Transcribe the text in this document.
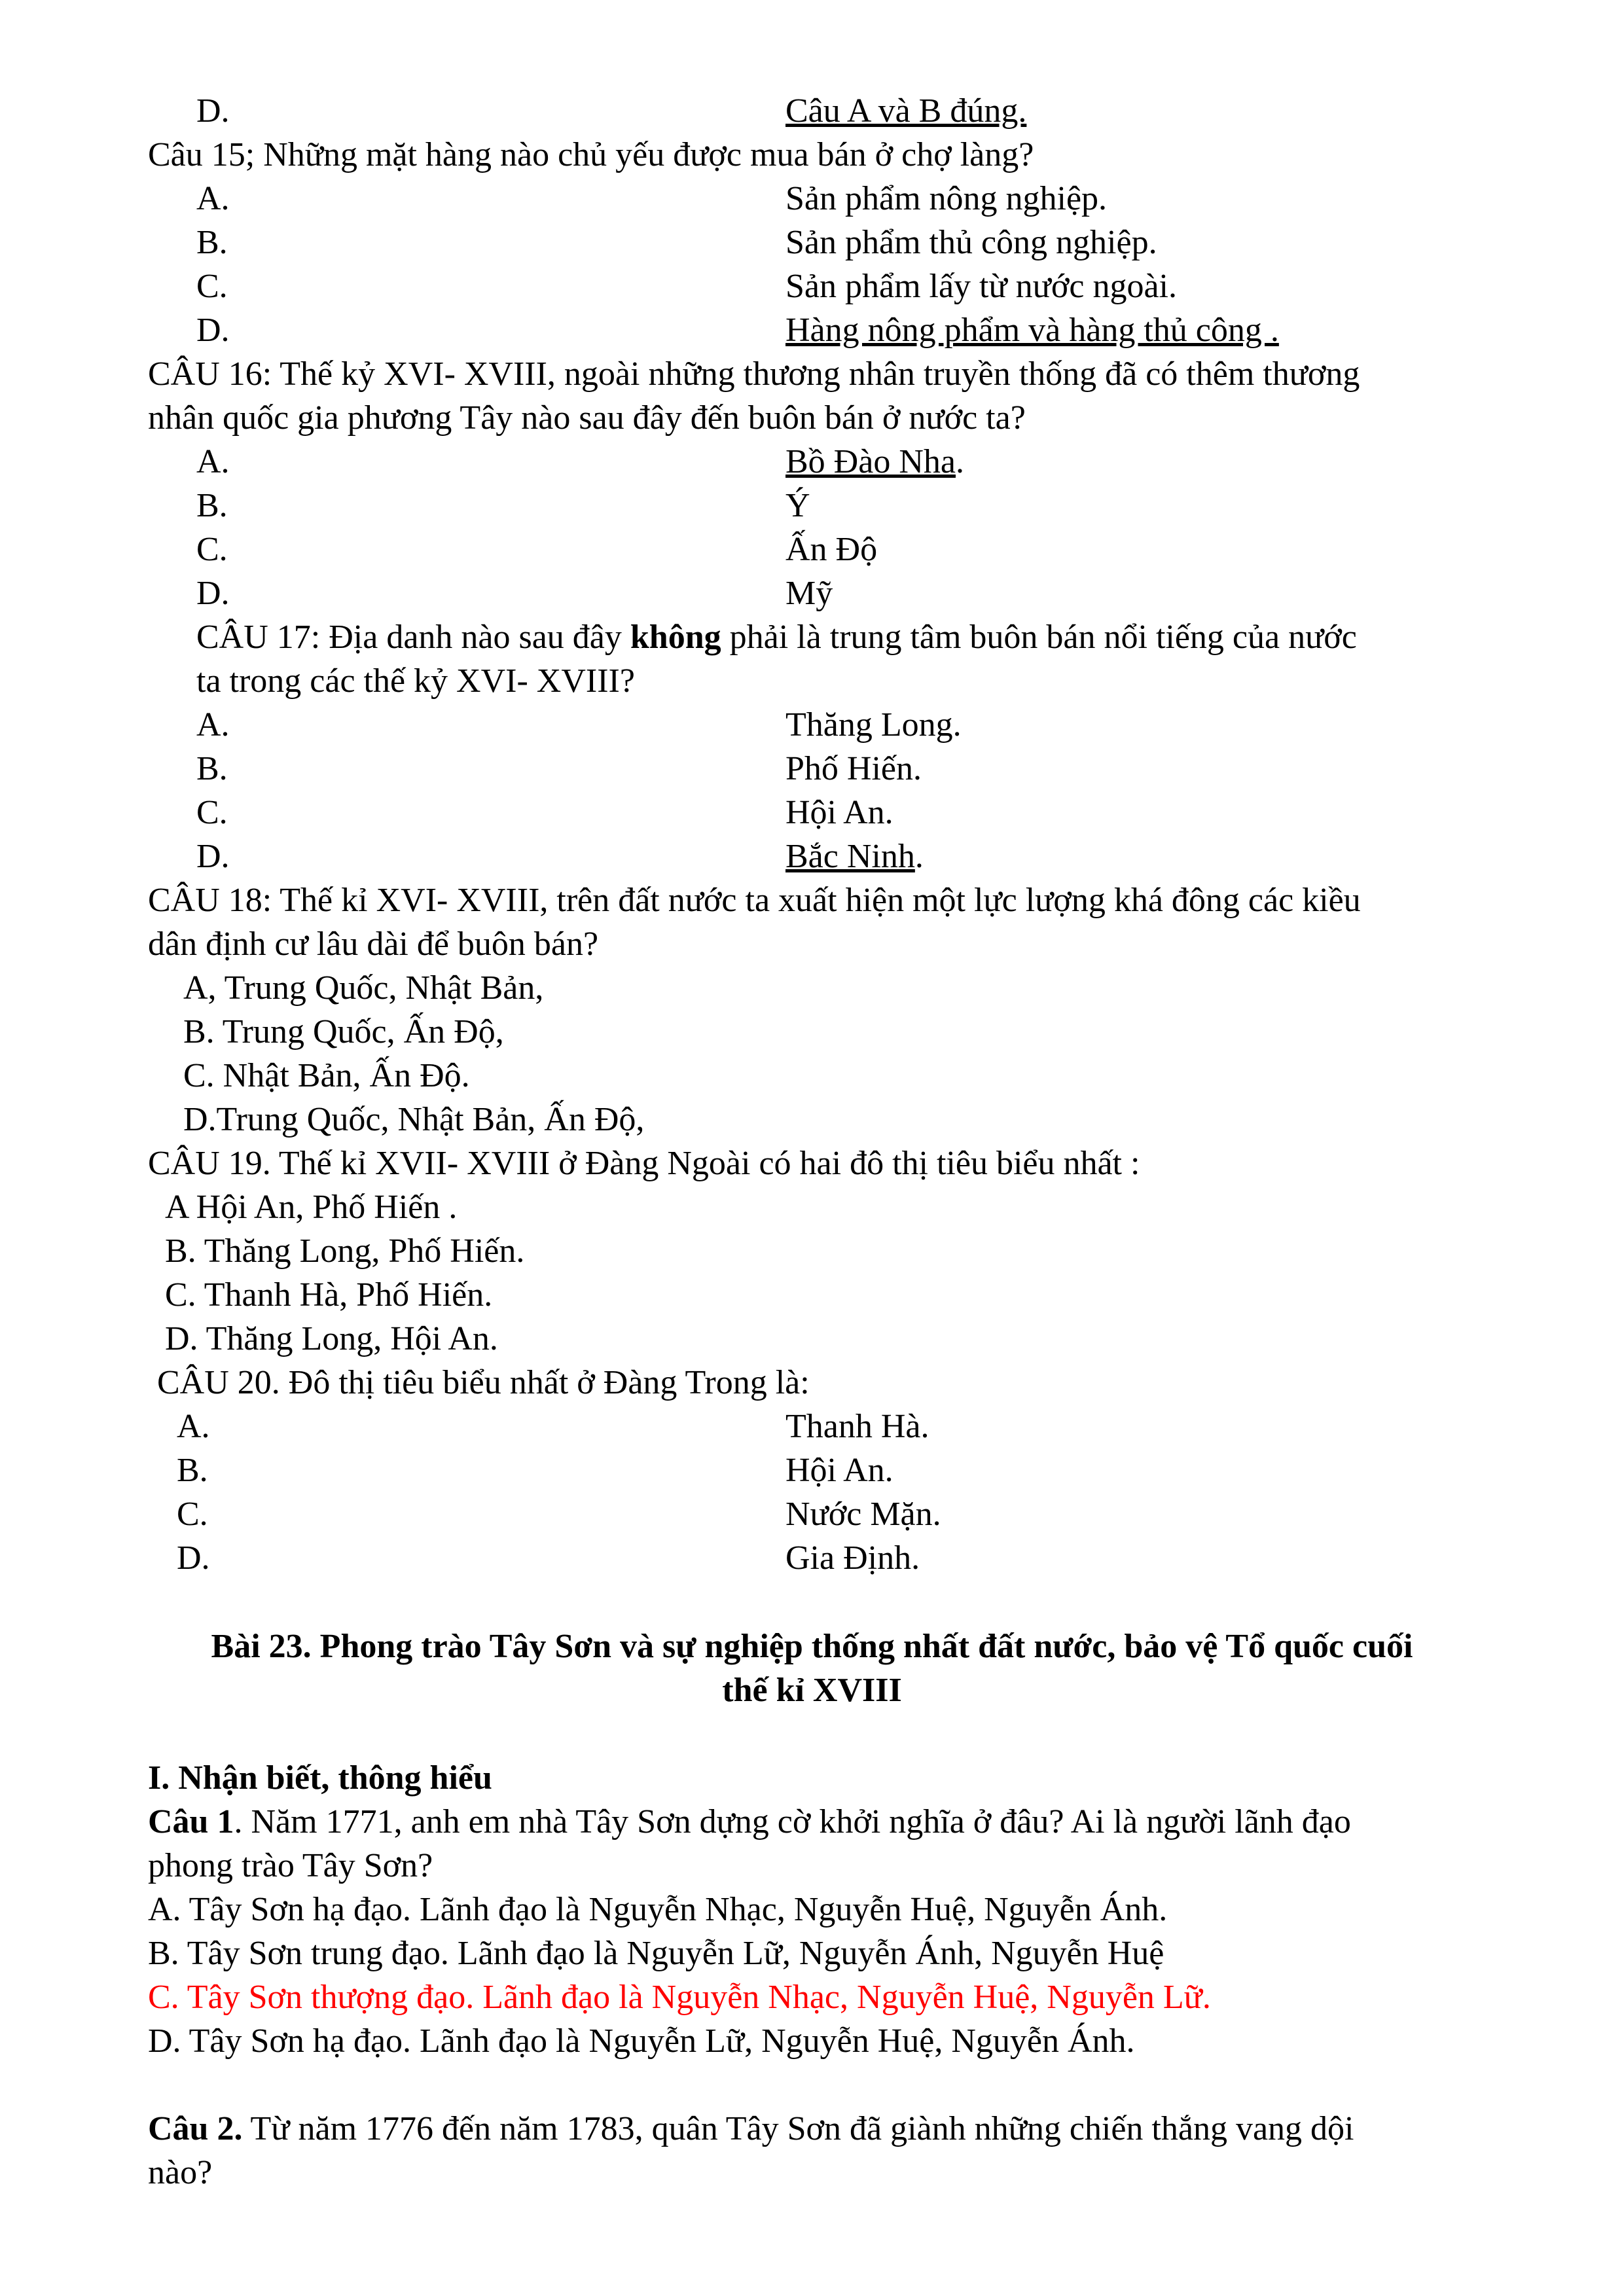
D.	Câu A và B đúng.
Câu 15; Những mặt hàng nào chủ yếu được mua bán ở chợ làng?
A.	Sản phẩm nông nghiệp.
B.	Sản phẩm thủ công nghiệp.
C.	Sản phẩm lấy từ nước ngoài.
D.	Hàng nông phẩm và hàng thủ công .
CÂU 16: Thế kỷ XVI- XVIII, ngoài những thương nhân truyền thống đã có thêm thương
nhân quốc gia phương Tây nào sau đây đến buôn bán ở nước ta?
A.	Bồ Đào Nha.
B.	Ý
C.	Ấn Độ
D.	Mỹ
CÂU 17: Địa danh nào sau đây không phải là trung tâm buôn bán nổi tiếng của nước
ta trong các thế kỷ XVI- XVIII?
A.	Thăng Long.
B.	Phố Hiến.
C.	Hội An.
D.	Bắc Ninh.
CÂU 18: Thế kỉ XVI- XVIII, trên đất nước ta xuất hiện một lực lượng khá đông các kiều
dân định cư lâu dài để buôn bán?
A, Trung Quốc, Nhật Bản,
B. Trung Quốc, Ấn Độ,
C. Nhật Bản, Ấn Độ.
D.Trung Quốc, Nhật Bản, Ấn Độ,
CÂU 19. Thế kỉ XVII- XVIII ở Đàng Ngoài có hai đô thị tiêu biểu nhất :
A Hội An, Phố Hiến .
B. Thăng Long, Phố Hiến.
C. Thanh Hà, Phố Hiến.
D. Thăng Long, Hội An.
CÂU 20. Đô thị tiêu biểu nhất ở Đàng Trong là:
A.	Thanh Hà.
B.	Hội An.
C.	Nước Mặn.
D.	Gia Định.
Bài 23. Phong trào Tây Sơn và sự nghiệp thống nhất đất nước, bảo vệ Tổ quốc cuối
thế kỉ XVIII
I. Nhận biết, thông hiểu
Câu 1. Năm 1771, anh em nhà Tây Sơn dựng cờ khởi nghĩa ở đâu? Ai là người lãnh đạo
phong trào Tây Sơn?
A. Tây Sơn hạ đạo. Lãnh đạo là Nguyễn Nhạc, Nguyễn Huệ, Nguyễn Ánh.
B. Tây Sơn trung đạo. Lãnh đạo là Nguyễn Lữ, Nguyễn Ánh, Nguyễn Huệ
C. Tây Sơn thượng đạo. Lãnh đạo là Nguyễn Nhạc, Nguyễn Huệ, Nguyễn Lữ.
D. Tây Sơn hạ đạo. Lãnh đạo là Nguyễn Lữ, Nguyễn Huệ, Nguyễn Ánh.
Câu 2. Từ năm 1776 đến năm 1783, quân Tây Sơn đã giành những chiến thắng vang dội
nào?
